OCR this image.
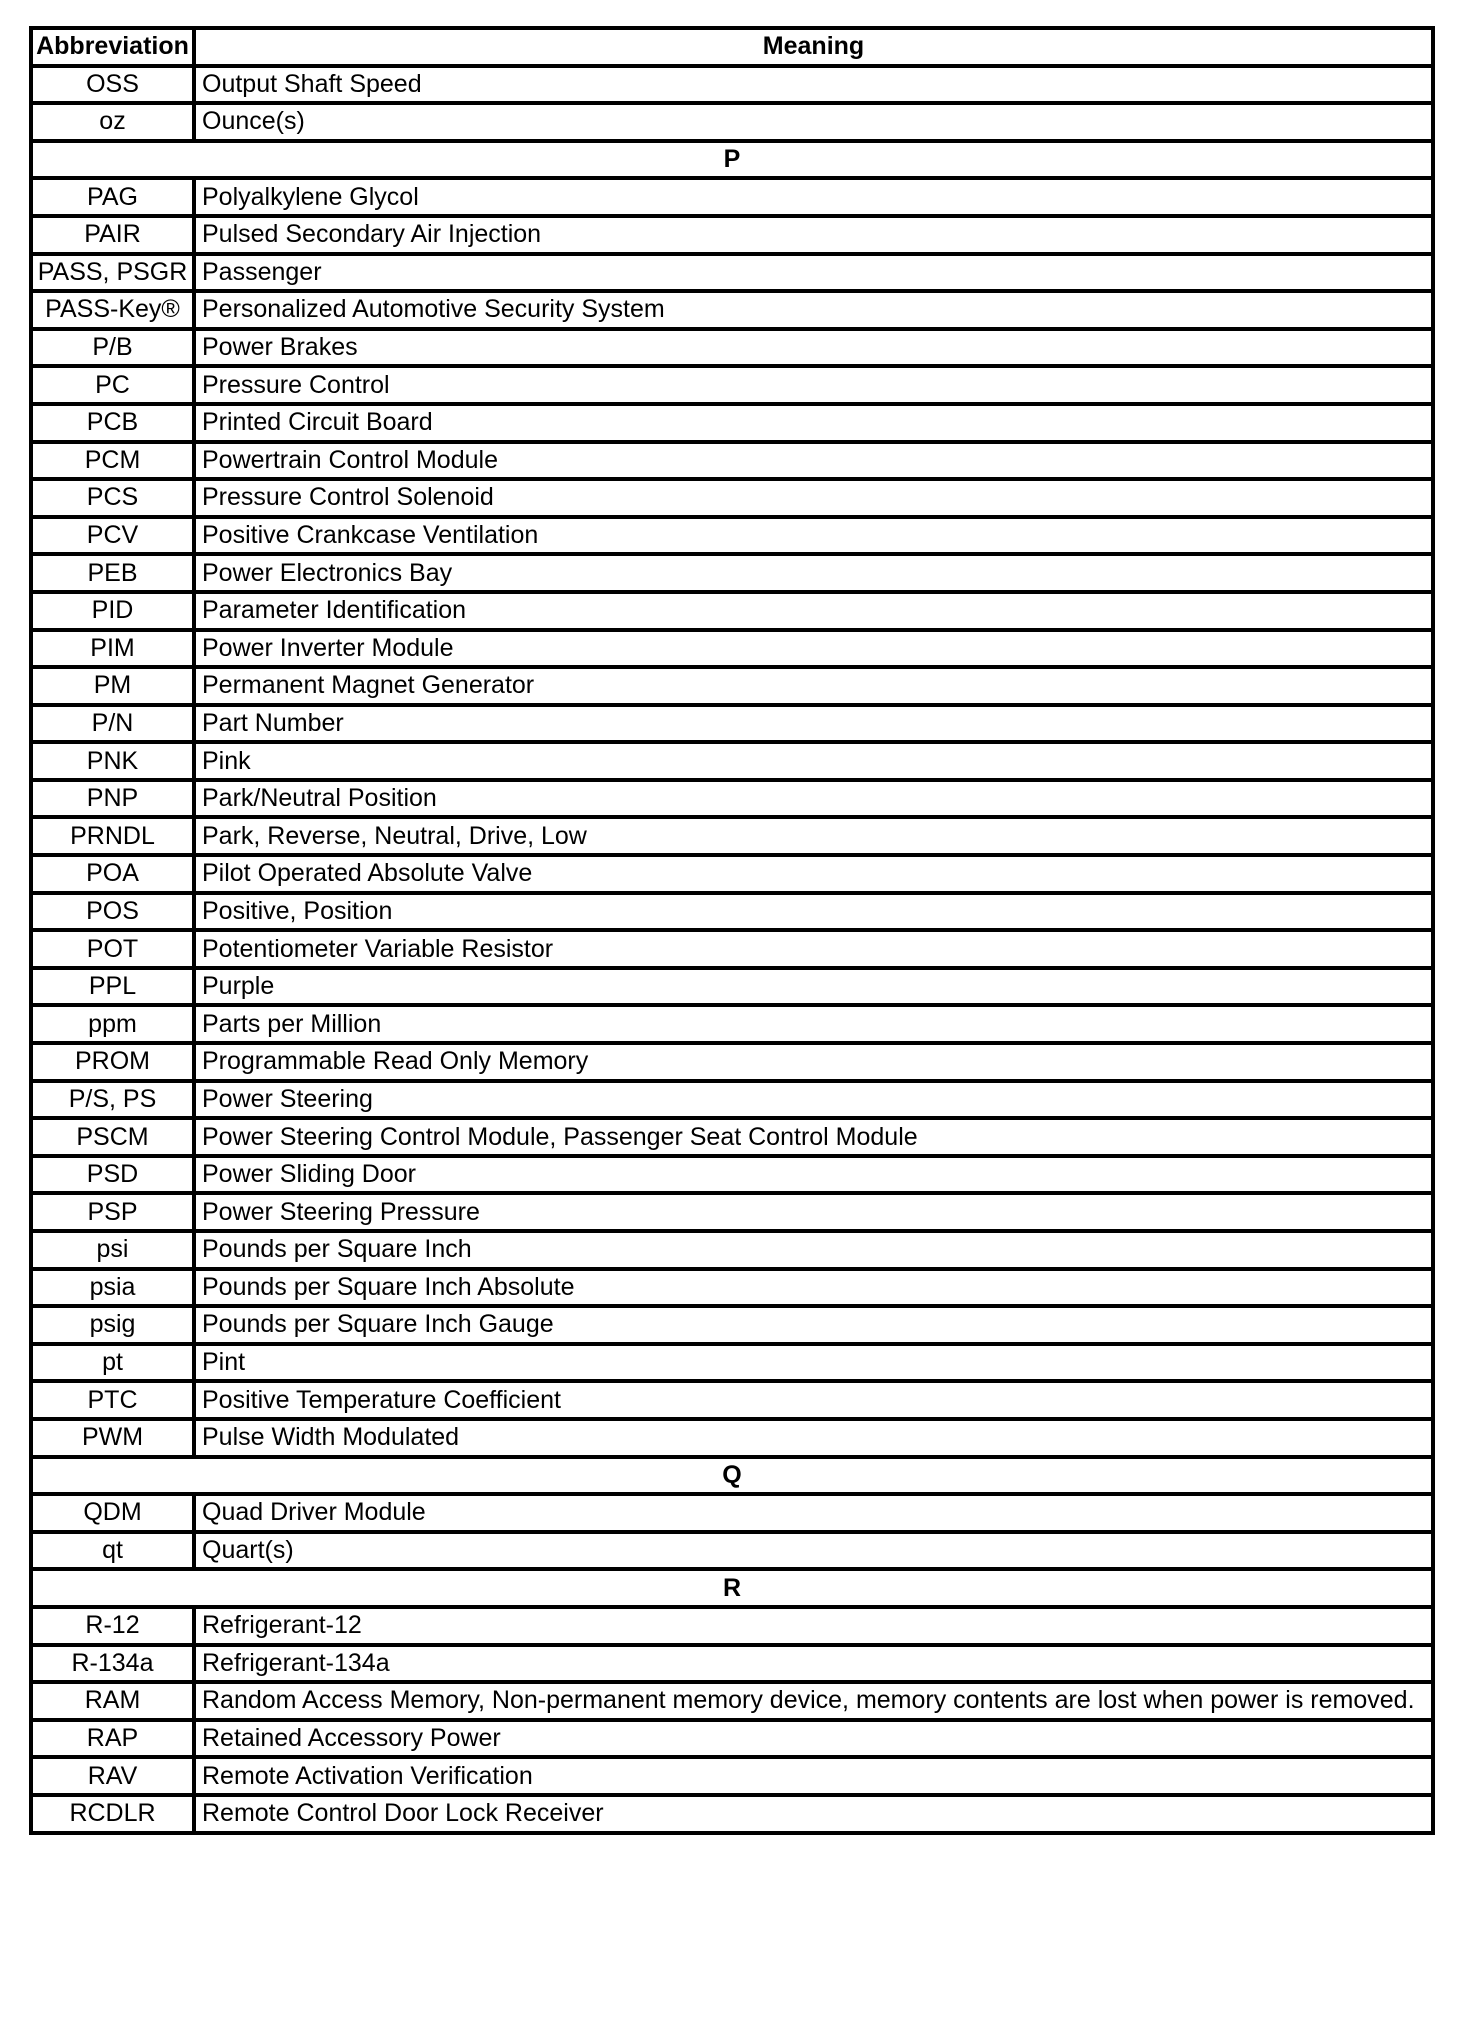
Abbreviation	Meaning
OSS	Output Shaft Speed
oz	Ounce(s)
P	
PAG	Polyalkylene Glycol
PAIR	Pulsed Secondary Air Injection
PASS, PSGR	Passenger
PASS-Key®	Personalized Automotive Security System
P/B	Power Brakes
PC	Pressure Control
PCB	Printed Circuit Board
PCM	Powertrain Control Module
PCS	Pressure Control Solenoid
PCV	Positive Crankcase Ventilation
PEB	Power Electronics Bay
PID	Parameter Identification
PIM	Power Inverter Module
PM	Permanent Magnet Generator
P/N	Part Number
PNK	Pink
PNP	Park/Neutral Position
PRNDL	Park, Reverse, Neutral, Drive, Low
POA	Pilot Operated Absolute Valve
POS	Positive, Position
POT	Potentiometer Variable Resistor
PPL	Purple
ppm	Parts per Million
PROM	Programmable Read Only Memory
P/S, PS	Power Steering
PSCM	Power Steering Control Module, Passenger Seat Control Module
PSD	Power Sliding Door
PSP	Power Steering Pressure
psi	Pounds per Square Inch
psia	Pounds per Square Inch Absolute
psig	Pounds per Square Inch Gauge
pt	Pint
PTC	Positive Temperature Coefficient
PWM	Pulse Width Modulated
Q	
QDM	Quad Driver Module
qt	Quart(s)
R	
R-12	Refrigerant-12
R-134a	Refrigerant-134a
RAM	Random Access Memory, Non-permanent memory device, memory contents are lost when power is removed.
RAP	Retained Accessory Power
RAV	Remote Activation Verification
RCDLR	Remote Control Door Lock Receiver
